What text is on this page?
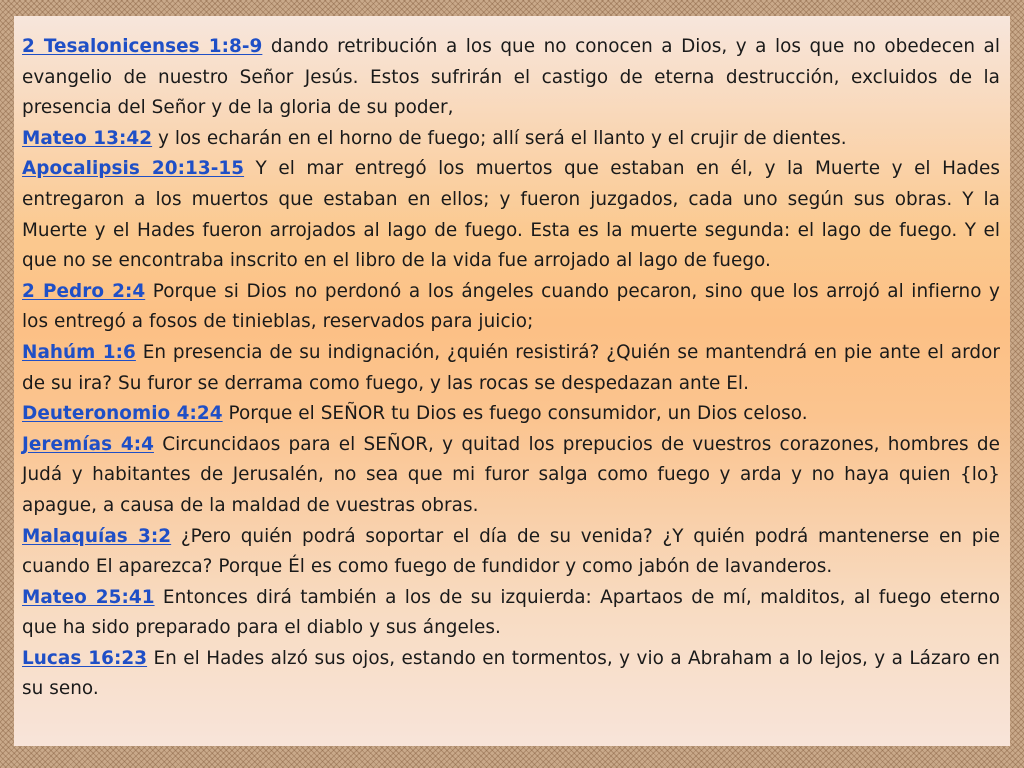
2 Tesalonicenses 1:8-9 dando retribución a los que no conocen a Dios, y a los que no obedecen al evangelio de nuestro Señor Jesús. Estos sufrirán el castigo de eterna destrucción, excluidos de la presencia del Señor y de la gloria de su poder,

Mateo 13:42 y los echarán en el horno de fuego; allí será el llanto y el crujir de dientes.

Apocalipsis 20:13-15 Y el mar entregó los muertos que estaban en él, y la Muerte y el Hades entregaron a los muertos que estaban en ellos; y fueron juzgados, cada uno según sus obras. Y la Muerte y el Hades fueron arrojados al lago de fuego. Esta es la muerte segunda: el lago de fuego. Y el que no se encontraba inscrito en el libro de la vida fue arrojado al lago de fuego.

2 Pedro 2:4 Porque si Dios no perdonó a los ángeles cuando pecaron, sino que los arrojó al infierno y los entregó a fosos de tinieblas, reservados para juicio;

Nahúm 1:6 En presencia de su indignación, ¿quién resistirá? ¿Quién se mantendrá en pie ante el ardor de su ira? Su furor se derrama como fuego, y las rocas se despedazan ante El.

Deuteronomio 4:24 Porque el SEÑOR tu Dios es fuego consumidor, un Dios celoso.

Jeremías 4:4 Circuncidaos para el SEÑOR, y quitad los prepucios de vuestros corazones, hombres de Judá y habitantes de Jerusalén, no sea que mi furor salga como fuego y arda y no haya quien {lo} apague, a causa de la maldad de vuestras obras.

Malaquías 3:2 ¿Pero quién podrá soportar el día de su venida? ¿Y quién podrá mantenerse en pie cuando El aparezca? Porque Él es como fuego de fundidor y como jabón de lavanderos.

Mateo 25:41 Entonces dirá también a los de su izquierda: Apartaos de mí, malditos, al fuego eterno que ha sido preparado para el diablo y sus ángeles.

Lucas 16:23 En el Hades alzó sus ojos, estando en tormentos, y vio a Abraham a lo lejos, y a Lázaro en su seno.
